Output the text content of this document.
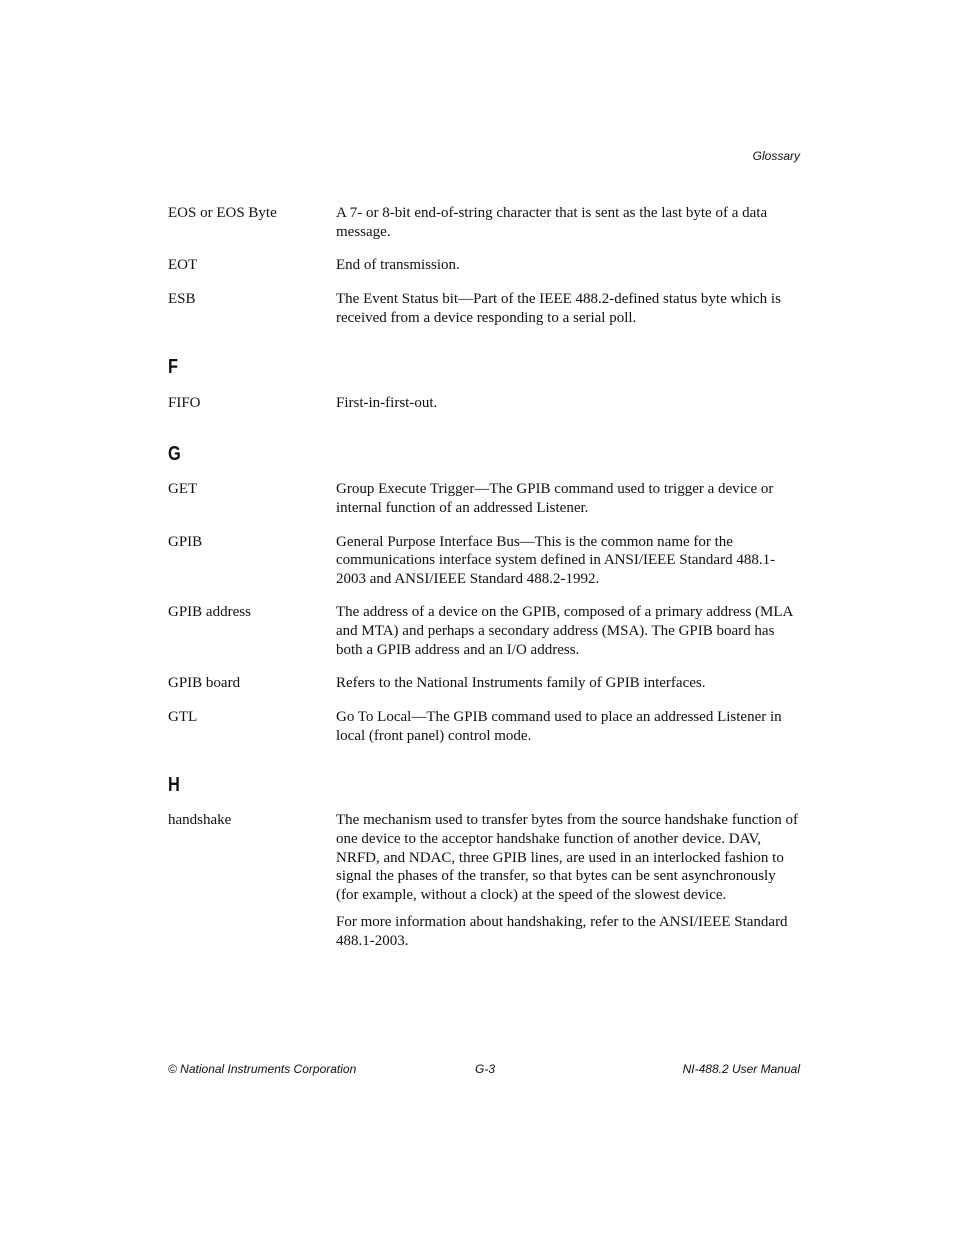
Glossary
EOS or EOS Byte	A 7- or 8-bit end-of-string character that is sent as the last byte of a data message.

EOT	End of transmission.

ESB	The Event Status bit—Part of the IEEE 488.2-defined status byte which is received from a device responding to a serial poll.

F
FIFO	First-in-first-out.

G
GET	Group Execute Trigger—The GPIB command used to trigger a device or internal function of an addressed Listener.

GPIB	General Purpose Interface Bus—This is the common name for the communications interface system defined in ANSI/IEEE Standard 488.1-2003 and ANSI/IEEE Standard 488.2-1992.

GPIB address	The address of a device on the GPIB, composed of a primary address (MLA and MTA) and perhaps a secondary address (MSA). The GPIB board has both a GPIB address and an I/O address.

GPIB board	Refers to the National Instruments family of GPIB interfaces.

GTL	Go To Local—The GPIB command used to place an addressed Listener in local (front panel) control mode.

H
handshake	The mechanism used to transfer bytes from the source handshake function of one device to the acceptor handshake function of another device. DAV, NRFD, and NDAC, three GPIB lines, are used in an interlocked fashion to signal the phases of the transfer, so that bytes can be sent asynchronously (for example, without a clock) at the speed of the slowest device.

For more information about handshaking, refer to the ANSI/IEEE Standard 488.1-2003.

© National Instruments Corporation	G-3	NI-488.2 User Manual
